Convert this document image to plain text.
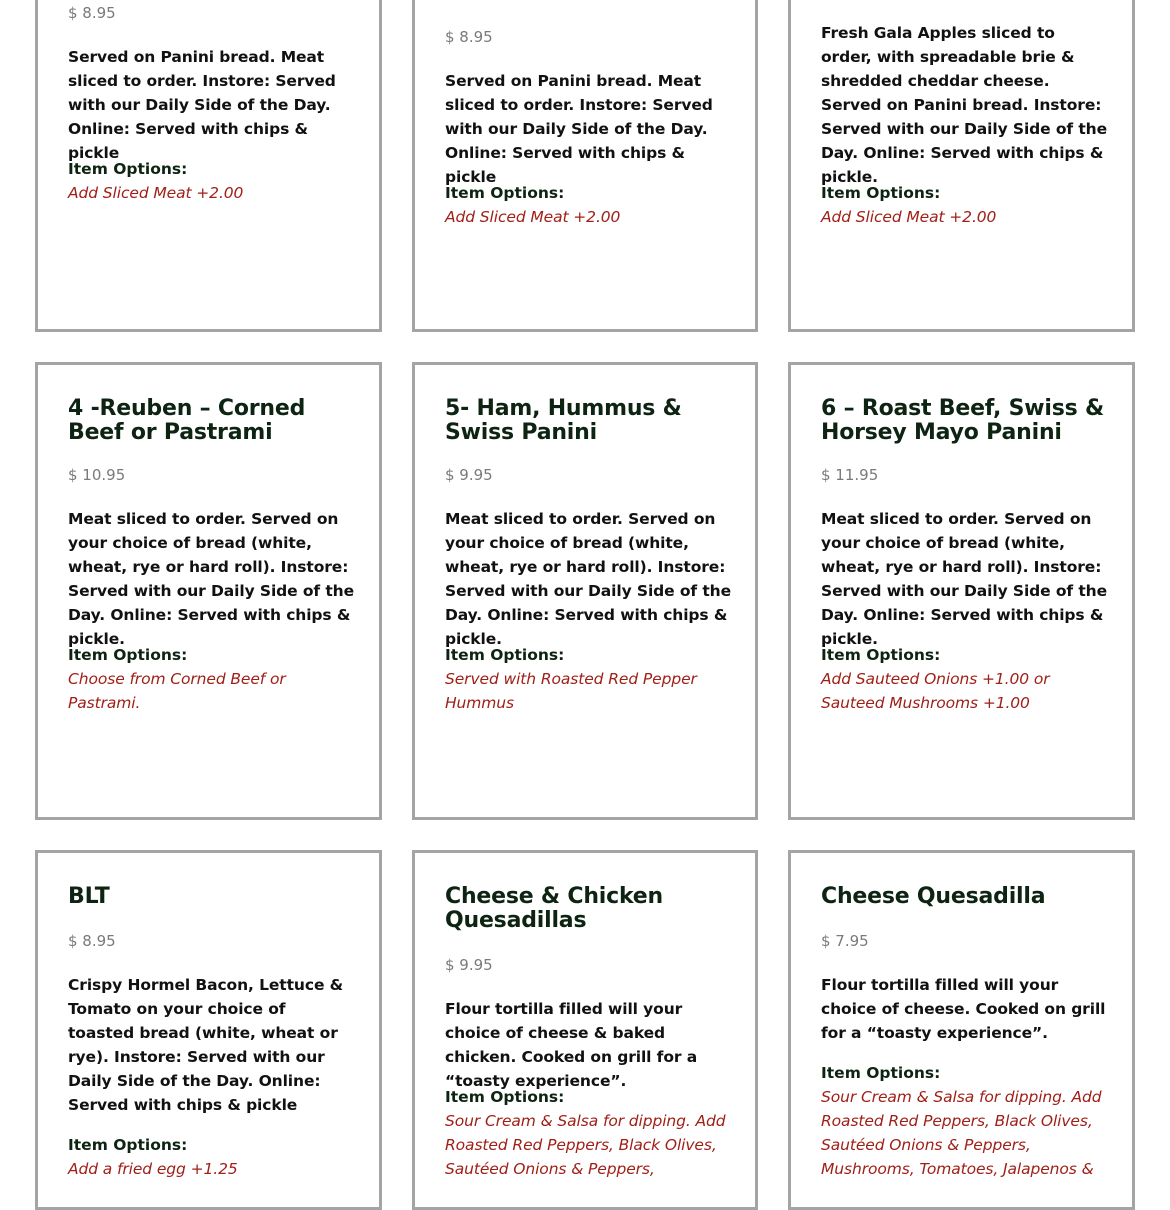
$ 8.95

Served on Panini bread. Meat sliced to order. Instore: Served with our Daily Side of the Day. Online: Served with chips & pickle

Item Options:

Add Sliced Meat +2.00

$ 8.95

Served on Panini bread. Meat sliced to order. Instore: Served with our Daily Side of the Day. Online: Served with chips & pickle

Item Options:

Add Sliced Meat +2.00

Fresh Gala Apples sliced to order, with spreadable brie & shredded cheddar cheese. Served on Panini bread. Instore: Served with our Daily Side of the Day. Online: Served with chips & pickle.

Item Options:

Add Sliced Meat +2.00

4 -Reuben – Corned Beef or Pastrami

$ 10.95

Meat sliced to order. Served on your choice of bread (white, wheat, rye or hard roll). Instore: Served with our Daily Side of the Day. Online: Served with chips & pickle.

Item Options:

Choose from Corned Beef or Pastrami.

5- Ham, Hummus & Swiss Panini

$ 9.95

Meat sliced to order. Served on your choice of bread (white, wheat, rye or hard roll). Instore: Served with our Daily Side of the Day. Online: Served with chips & pickle.

Item Options:

Served with Roasted Red Pepper Hummus

6 – Roast Beef, Swiss & Horsey Mayo Panini

$ 11.95

Meat sliced to order. Served on your choice of bread (white, wheat, rye or hard roll). Instore: Served with our Daily Side of the Day. Online: Served with chips & pickle.

Item Options:

Add Sauteed Onions +1.00 or Sauteed Mushrooms +1.00

BLT

$ 8.95

Crispy Hormel Bacon, Lettuce & Tomato on your choice of toasted bread (white, wheat or rye). Instore: Served with our Daily Side of the Day. Online: Served with chips & pickle

Item Options:

Add a fried egg +1.25

Cheese & Chicken Quesadillas

$ 9.95

Flour tortilla filled will your choice of cheese & baked chicken. Cooked on grill for a “toasty experience”.

Item Options:

Sour Cream & Salsa for dipping. Add Roasted Red Peppers, Black Olives, Sautéed Onions & Peppers,

Cheese Quesadilla

$ 7.95

Flour tortilla filled will your choice of cheese. Cooked on grill for a “toasty experience”.

Item Options:

Sour Cream & Salsa for dipping. Add Roasted Red Peppers, Black Olives, Sautéed Onions & Peppers, Mushrooms, Tomatoes, Jalapenos &
